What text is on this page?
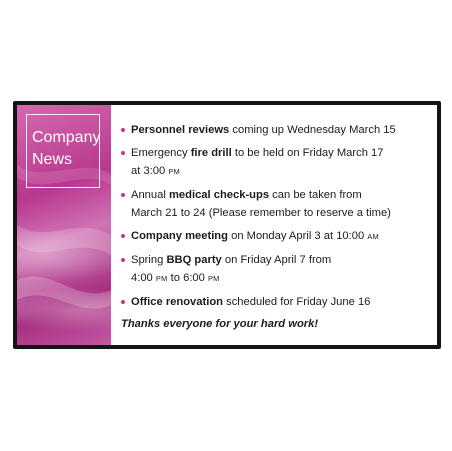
Company
News
Personnel reviews coming up Wednesday March 15
Emergency fire drill to be held on Friday March 17
at 3:00 PM
Annual medical check-ups can be taken from
March 21 to 24 (Please remember to reserve a time)
Company meeting on Monday April 3 at 10:00 AM
Spring BBQ party on Friday April 7 from
4:00 PM to 6:00 PM
Office renovation scheduled for Friday June 16
Thanks everyone for your hard work!
